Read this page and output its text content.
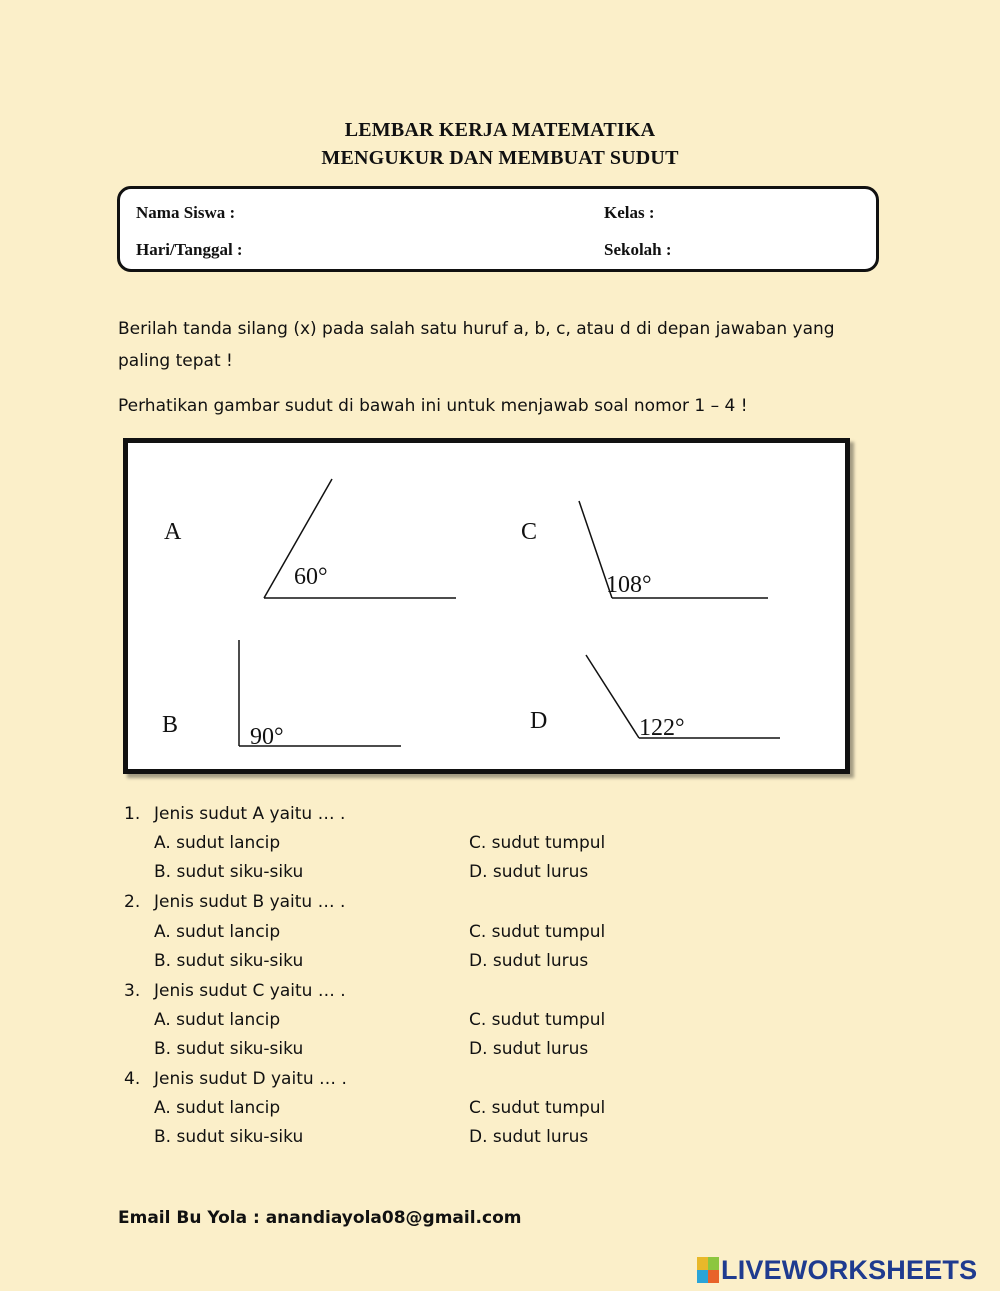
LEMBAR KERJA MATEMATIKA
MENGUKUR DAN MEMBUAT SUDUT
Nama Siswa :	Kelas :
Hari/Tanggal :	Sekolah :
Berilah tanda silang (x) pada salah satu huruf a, b, c, atau d di depan jawaban yang
paling tepat !
Perhatikan gambar sudut di bawah ini untuk menjawab soal nomor 1 – 4 !
A
60°
C
108°
B	90°
D	122°
1. Jenis sudut A yaitu … .
A. sudut lancip
B. sudut siku-siku
C. sudut tumpul
D. sudut lurus
2. Jenis sudut B yaitu … .
A. sudut lancip
B. sudut siku-siku
C. sudut tumpul
D. sudut lurus
3. Jenis sudut C yaitu … .
A. sudut lancip
B. sudut siku-siku
C. sudut tumpul
D. sudut lurus
4. Jenis sudut D yaitu … .
A. sudut lancip
B. sudut siku-siku
C. sudut tumpul
D. sudut lurus
Email Bu Yola : anandiayola08@gmail.com
LIVEWORKSHEETS
